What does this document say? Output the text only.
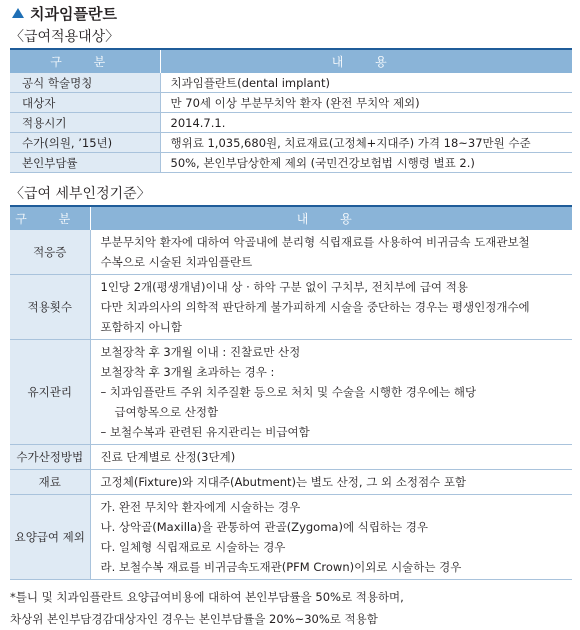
치과임플란트
〈급여적용대상〉
구 분	내 용
공식 학술명칭	치과임플란트(dental implant)
대상자	만 70세 이상 부분무치악 환자 (완전 무치악 제외)
적용시기	2014.7.1.
수가(의원, ’15년)	행위료 1,035,680원, 치료재료(고정체+지대주) 가격 18~37만원 수준
본인부담률	50%, 본인부담상한제 제외 (국민건강보험법 시행령 별표 2.)
〈급여 세부인정기준〉
구 분	내 용
적응증	부분무치악 환자에 대하여 악골내에 분리형 식립재료를 사용하여 비귀금속 도재관보철
수복으로 시술된 치과임플란트

적용횟수	1인당 2개(평생개념)이내 상 · 하악 구분 없이 구치부, 전치부에 급여 적용
다만 치과의사의 의학적 판단하게 불가피하게 시술을 중단하는 경우는 평생인정개수에
포함하지 아니함

유지관리	보철장착 후 3개월 이내 : 진찰료만 산정
보철장착 후 3개월 초과하는 경우 :
– 치과임플란트 주위 치주질환 등으로 처치 및 수술을 시행한 경우에는 해당
급여항목으로 산정함
– 보철수복과 관련된 유지관리는 비급여함

수가산정방법	진료 단계별로 산정(3단계)

재료	고정체(Fixture)와 지대주(Abutment)는 별도 산정, 그 외 소정점수 포함

요양급여 제외	가. 완전 무치악 환자에게 시술하는 경우
나. 상악골(Maxilla)을 관통하여 관골(Zygoma)에 식립하는 경우
다. 일체형 식립재료로 시술하는 경우
라. 보철수복 재료를 비귀금속도재관(PFM Crown)이외로 시술하는 경우
*틀니 및 치과임플란트 요양급여비용에 대하여 본인부담률을 50%로 적용하며,
차상위 본인부담경감대상자인 경우는 본인부담률을 20%~30%로 적용함
